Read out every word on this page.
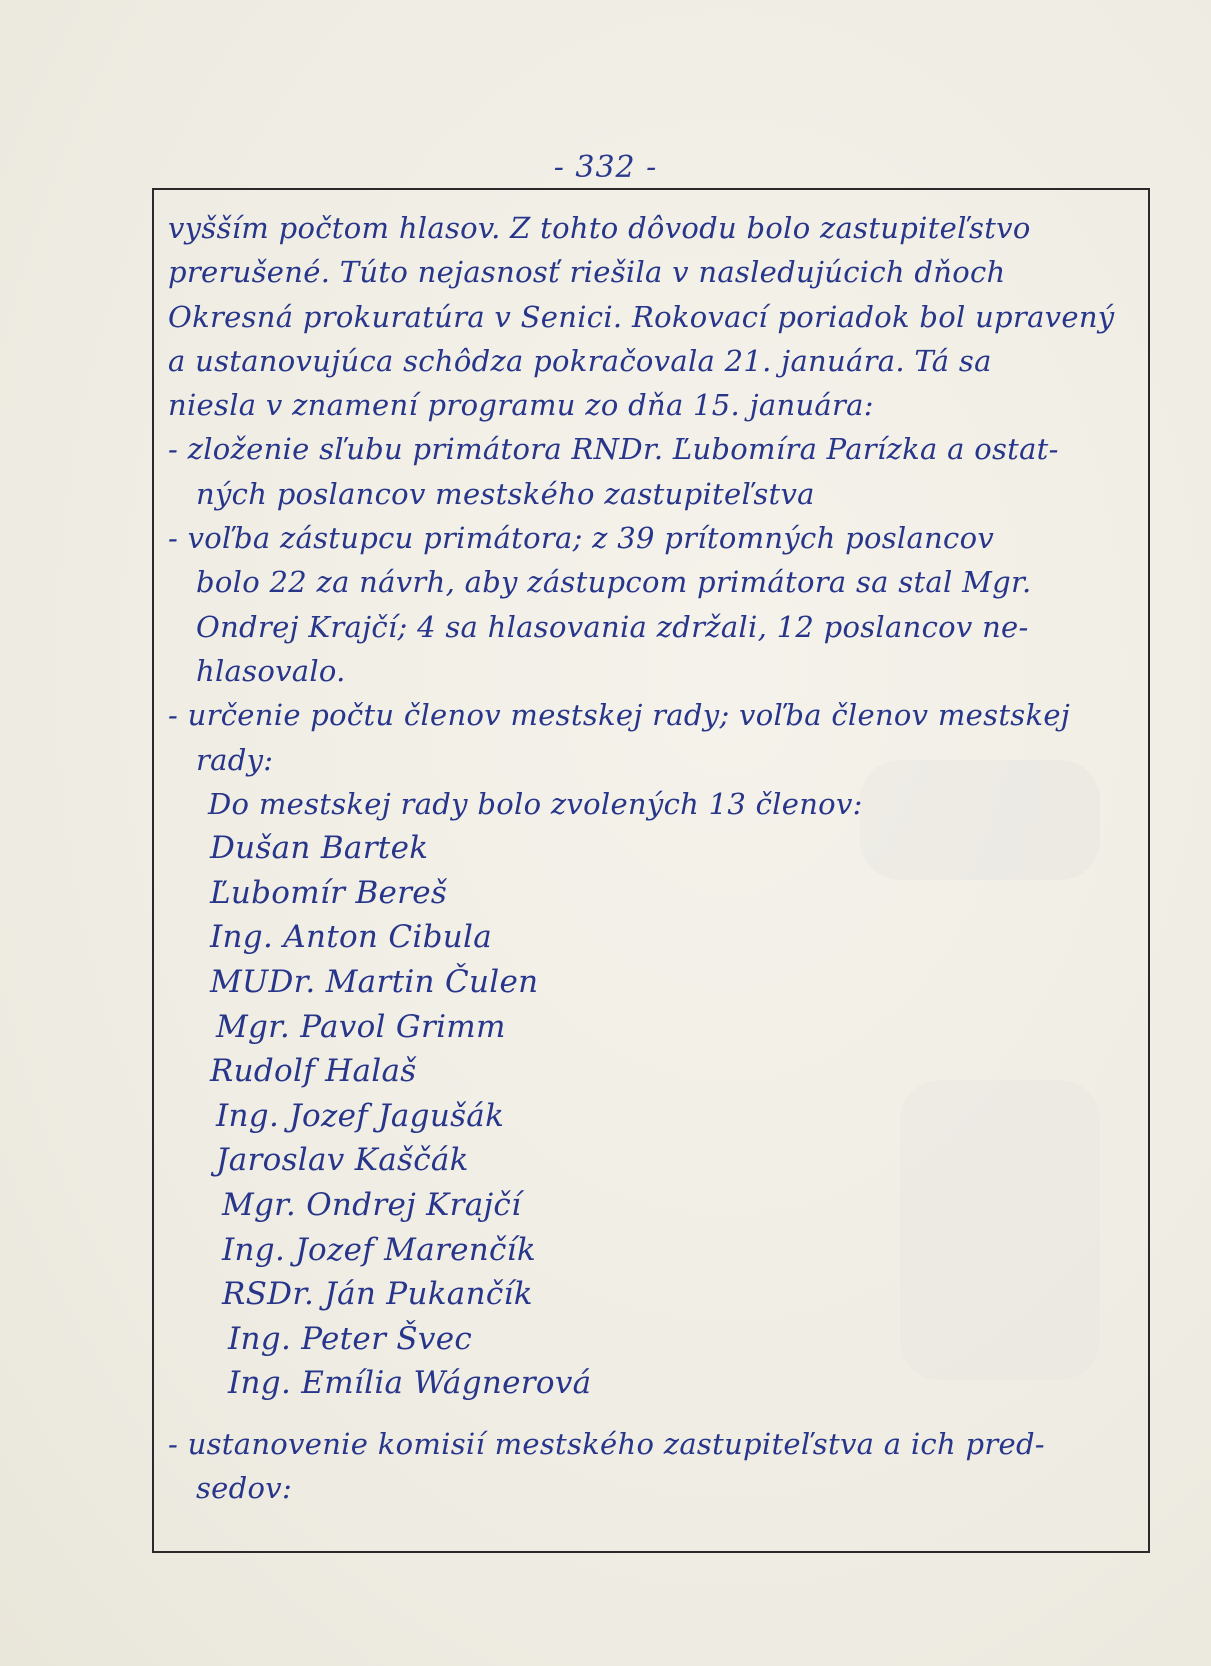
- 332 -
vyšším počtom hlasov. Z tohto dôvodu bolo zastupiteľstvo
prerušené. Túto nejasnosť riešila v nasledujúcich dňoch
Okresná prokuratúra v Senici. Rokovací poriadok bol upravený
a ustanovujúca schôdza pokračovala 21. januára. Tá sa
niesla v znamení programu zo dňa 15. januára:
- zloženie sľubu primátora RNDr. Ľubomíra Parízka a ostat-
ných poslancov mestského zastupiteľstva
- voľba zástupcu primátora; z 39 prítomných poslancov
bolo 22 za návrh, aby zástupcom primátora sa stal Mgr.
Ondrej Krajčí; 4 sa hlasovania zdržali, 12 poslancov ne-
hlasovalo.
- určenie počtu členov mestskej rady; voľba členov mestskej
rady:
Do mestskej rady bolo zvolených 13 členov:
Dušan Bartek
Ľubomír Bereš
Ing. Anton Cibula
MUDr. Martin Čulen
Mgr. Pavol Grimm
Rudolf Halaš
Ing. Jozef Jagušák
Jaroslav Kaščák
Mgr. Ondrej Krajčí
Ing. Jozef Marenčík
RSDr. Ján Pukančík
Ing. Peter Švec
Ing. Emília Wágnerová
- ustanovenie komisií mestského zastupiteľstva a ich pred-
sedov:
